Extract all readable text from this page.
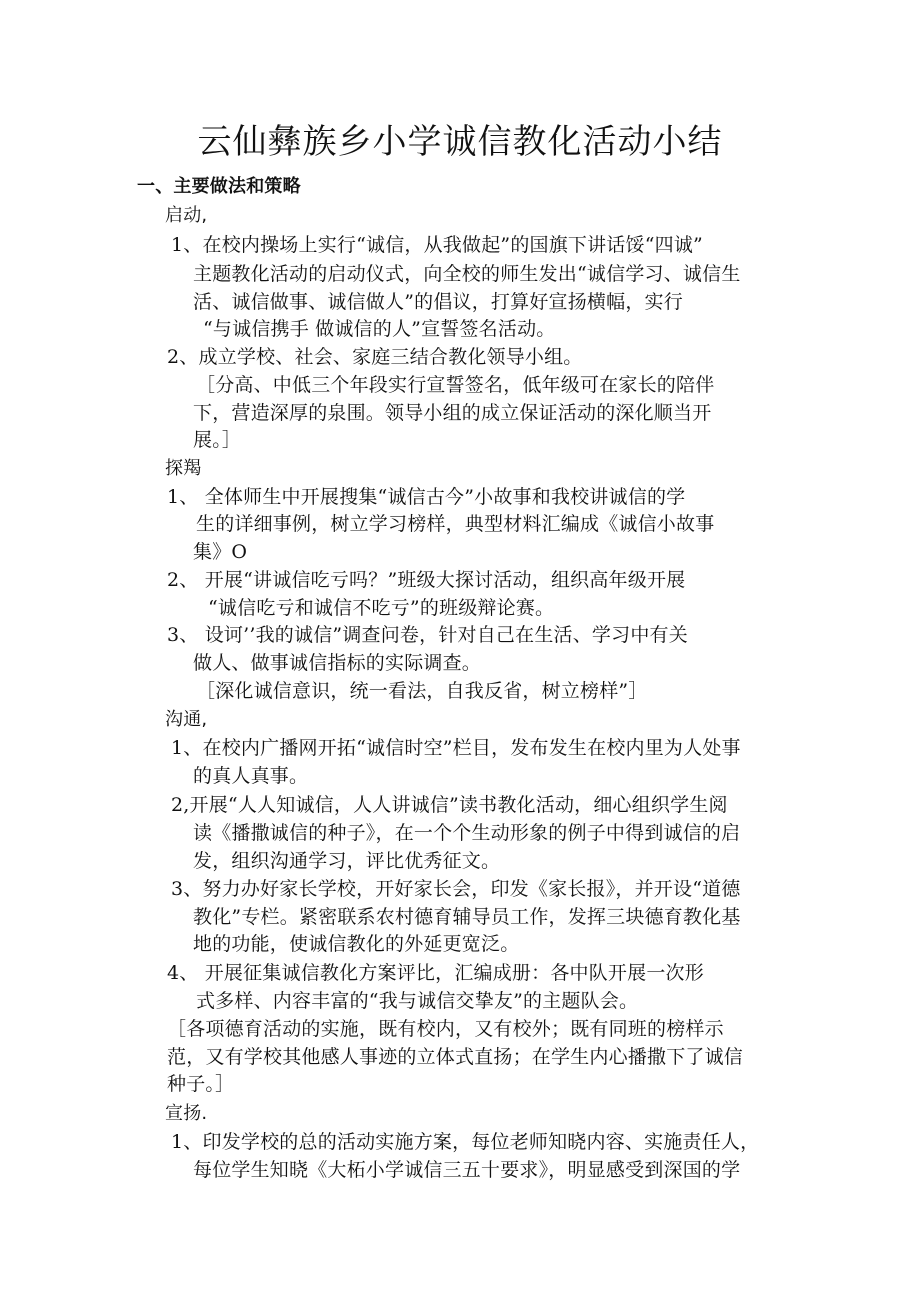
云仙彝族乡小学诚信教化活动小结
一、主要做法和策略
启动,
1、在校内操场上实行“诚信，从我做起”的国旗下讲话馁“四诚”
主题教化活动的启动仪式，向全校的师生发出“诚信学习、诚信生
活、诚信做事、诚信做人”的倡议，打算好宣扬横幅，实行
“与诚信携手 做诚信的人”宣誓签名活动。
2、成立学校、社会、家庭三结合教化领导小组。
［分高、中低三个年段实行宣誓签名，低年级可在家长的陪伴
下，营造深厚的泉围。领导小组的成立保证活动的深化顺当开
展。］
探羯
1、 全体师生中开展搜集“诚信古今”小故事和我校讲诚信的学
生的详细事例，树立学习榜样，典型材料汇编成《诚信小故事
集》O
2、 开展“讲诚信吃亏吗？”班级大探讨活动，组织高年级开展
“诚信吃亏和诚信不吃亏”的班级辩论赛。
3、 设诃’’我的诚信”调查问卷，针对自己在生活、学习中有关
做人、做事诚信指标的实际调查。
［深化诚信意识，统一看法，自我反省，树立榜样”］
沟通,
1、在校内广播网开拓“诚信时空”栏目，发布发生在校内里为人处事
的真人真事。
2,开展“人人知诚信，人人讲诚信”读书教化活动，细心组织学生阅
读《播撒诚信的种子》，在一个个生动形象的例子中得到诚信的启
发，组织沟通学习，评比优秀征文。
3、努力办好家长学校，开好家长会，印发《家长报》，并开设“道德
教化”专栏。紧密联系农村德育辅导员工作，发挥三块德育教化基
地的功能，使诚信教化的外延更宽泛。
4、 开展征集诚信教化方案评比，汇编成册：各中队开展一次形
式多样、内容丰富的“我与诚信交挚友”的主题队会。
［各项德育活动的实施，既有校内，又有校外；既有同班的榜样示
范，又有学校其他感人事迹的立体式直扬；在学生内心播撒下了诚信
种子。］
宣扬.
1、印发学校的总的活动实施方案，每位老师知晓内容、实施责任人，
每位学生知晓《大柘小学诚信三五十要求》，明显感受到深国的学
